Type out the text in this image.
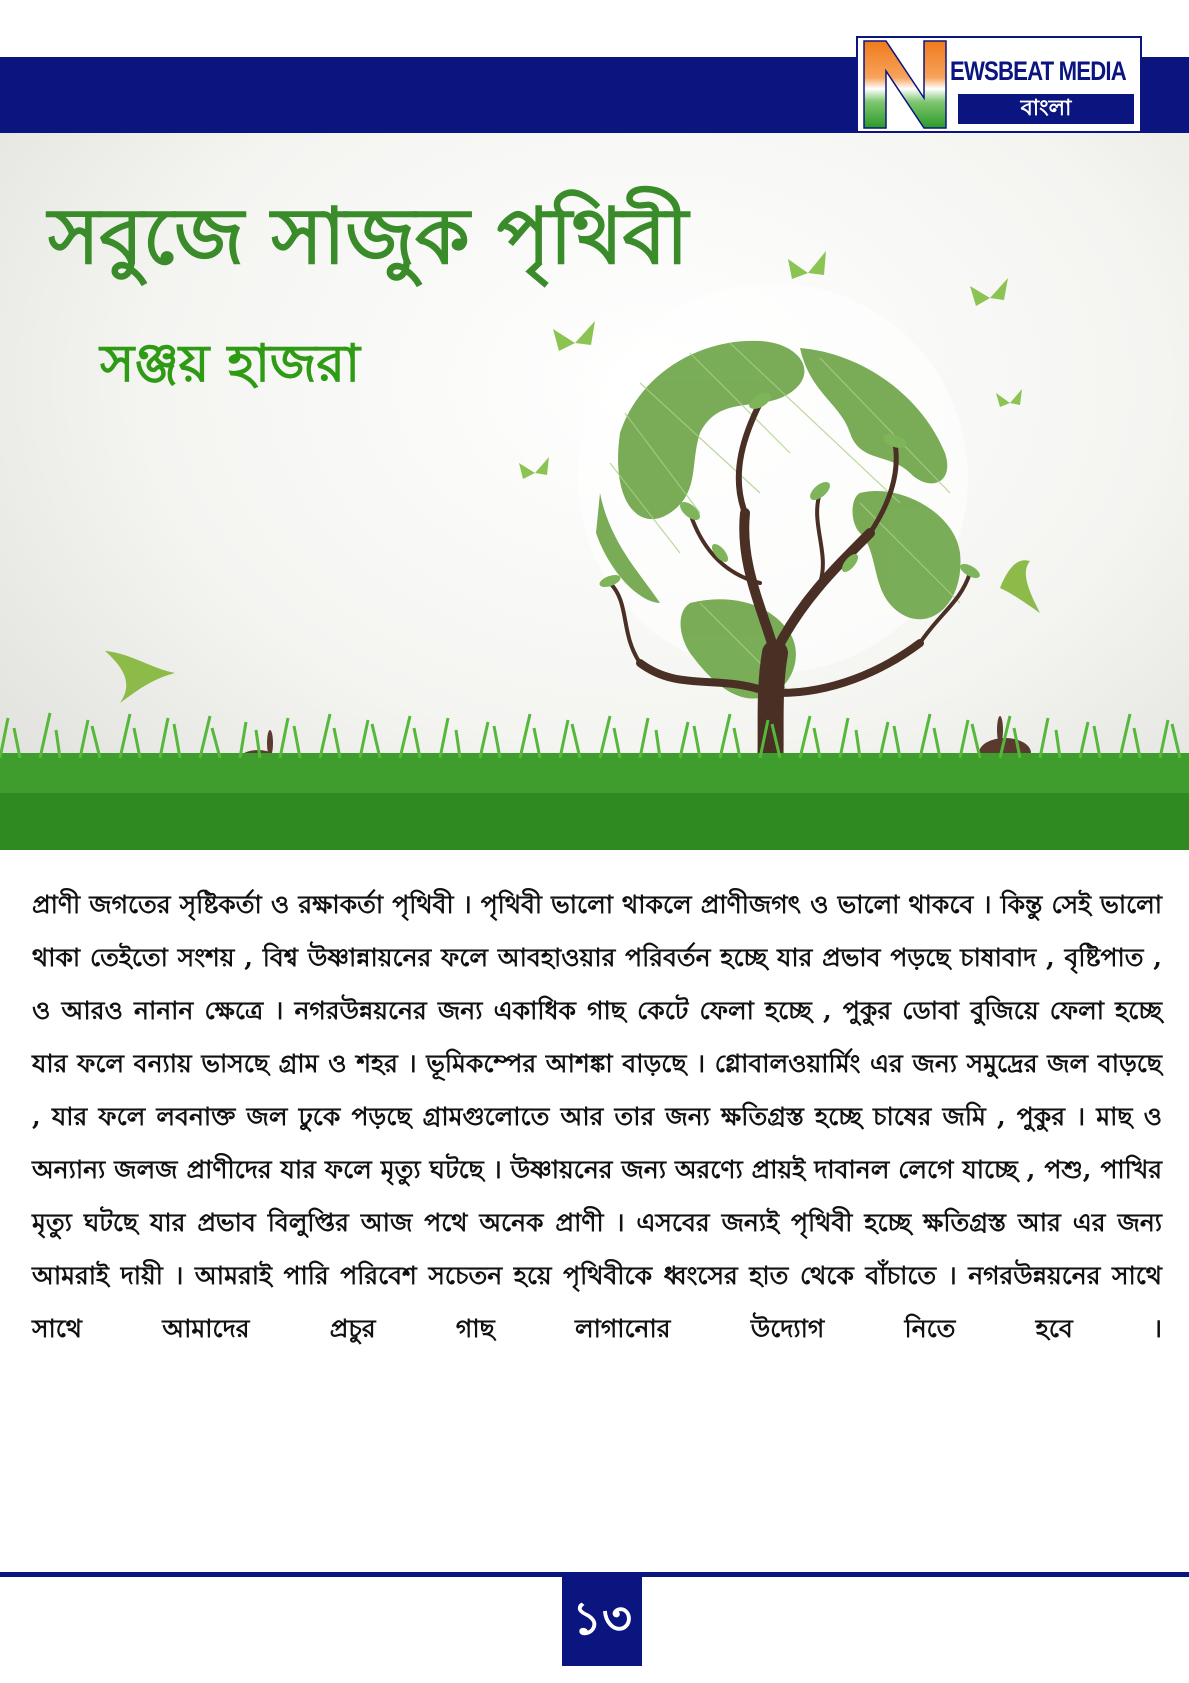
EWSBEAT MEDIA
বাংলা
সবুজে সাজুক পৃথিবী
সঞ্জয় হাজরা

প্রাণী জগতের সৃষ্টিকর্তা ও রক্ষাকর্তা পৃথিবী । পৃথিবী ভালো থাকলে প্রাণীজগৎ ও ভালো থাকবে । কিন্তু সেই ভালো থাকা তেইতো সংশয় , বিশ্ব উষ্ণান্নায়নের ফলে আবহাওয়ার পরিবর্তন হচ্ছে যার প্রভাব পড়ছে চাষাবাদ , বৃষ্টিপাত , ও আরও নানান ক্ষেত্রে । নগরউন্নয়নের জন্য একাধিক গাছ কেটে ফেলা হচ্ছে , পুকুর ডোবা বুজিয়ে ফেলা হচ্ছে যার ফলে বন্যায় ভাসছে গ্রাম ও শহর । ভূমিকম্পের আশঙ্কা বাড়ছে । গ্লোবালওয়ার্মিং এর জন্য সমুদ্রের জল বাড়ছে , যার ফলে লবনাক্ত জল ঢুকে পড়ছে গ্রামগুলোতে আর তার জন্য ক্ষতিগ্রস্ত হচ্ছে চাষের জমি , পুকুর । মাছ ও অন্যান্য জলজ প্রাণীদের যার ফলে মৃত্যু ঘটছে । উষ্ণায়নের জন্য অরণ্যে প্রায়ই দাবানল লেগে যাচ্ছে , পশু, পাখির মৃত্যু ঘটছে যার প্রভাব বিলুপ্তির আজ পথে অনেক প্রাণী । এসবের জন্যই পৃথিবী হচ্ছে ক্ষতিগ্রস্ত আর এর জন্য আমরাই দায়ী । আমরাই পারি পরিবেশ সচেতন হয়ে পৃথিবীকে ধ্বংসের হাত থেকে বাঁচাতে । নগরউন্নয়নের সাথে সাথে আমাদের প্রচুর গাছ লাগানোর উদ্যোগ নিতে হবে ।

১৩
